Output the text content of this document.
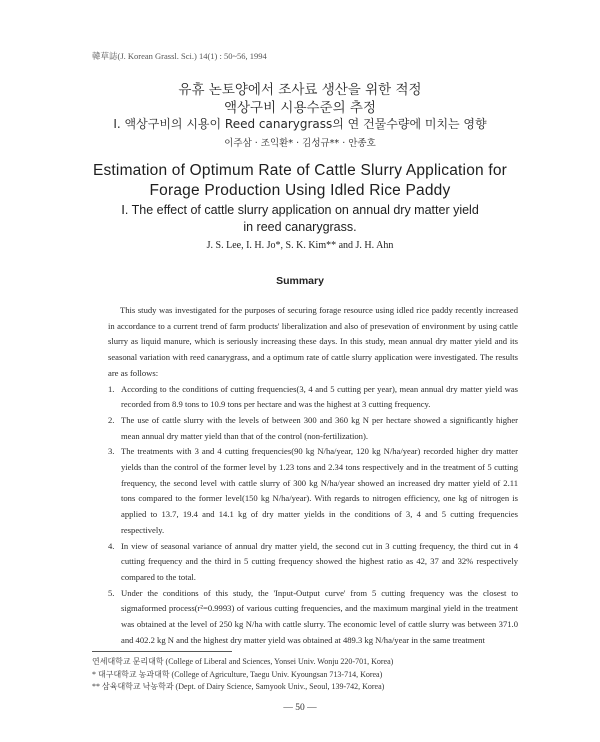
韓草誌(J. Korean Grassl. Sci.) 14(1) : 50~56, 1994
유휴 논토양에서 조사료 생산을 위한 적정
액상구비 시용수준의 추정
Ⅰ. 액상구비의 시용이 Reed canarygrass의 연 건물수량에 미치는 영향
이주삼 · 조익환* · 김성규** · 안종호
Estimation of Optimum Rate of Cattle Slurry Application for
Forage Production Using Idled Rice Paddy
Ⅰ. The effect of cattle slurry application on annual dry matter yield
in reed canarygrass.
J. S. Lee, I. H. Jo*, S. K. Kim** and J. H. Ahn
Summary

This study was investigated for the purposes of securing forage resource using idled rice paddy recently increased in accordance to a current trend of farm products' liberalization and also of presevation of environment by using cattle slurry as liquid manure, which is seriously increasing these days. In this study, mean annual dry matter yield and its seasonal variation with reed canarygrass, and a optimum rate of cattle slurry application were investigated. The results are as follows:

1. According to the conditions of cutting frequencies(3, 4 and 5 cutting per year), mean annual dry matter yield was recorded from 8.9 tons to 10.9 tons per hectare and was the highest at 3 cutting frequency.
2. The use of cattle slurry with the levels of between 300 and 360 kg N per hectare showed a significantly higher mean annual dry matter yield than that of the control (non-fertilization).
3. The treatments with 3 and 4 cutting frequencies(90 kg N/ha/year, 120 kg N/ha/year) recorded higher dry matter yields than the control of the former level by 1.23 tons and 2.34 tons respectively and in the treatment of 5 cutting frequency, the second level with cattle slurry of 300 kg N/ha/year showed an increased dry matter yield of 2.11 tons compared to the former level(150 kg N/ha/year). With regards to nitrogen efficiency, one kg of nitrogen is applied to 13.7, 19.4 and 14.1 kg of dry matter yields in the conditions of 3, 4 and 5 cutting frequencies respectively.
4. In view of seasonal variance of annual dry matter yield, the second cut in 3 cutting frequency, the third cut in 4 cutting frequency and the third in 5 cutting frequency showed the highest ratio as 42, 37 and 32% respectively compared to the total.
5. Under the conditions of this study, the 'Input-Output curve' from 5 cutting frequency was the closest to sigmaformed process(r²=0.9993) of various cutting frequencies, and the maximum marginal yield in the treatment was obtained at the level of 250 kg N/ha with cattle slurry. The economic level of cattle slurry was between 371.0 and 402.2 kg N and the highest dry matter yield was obtained at 489.3 kg N/ha/year in the same treatment
연세대학교 문리대학 (College of Liberal and Sciences, Yonsei Univ. Wonju 220-701, Korea)
* 대구대학교 농과대학 (College of Agriculture, Taegu Univ. Kyoungsan 713-714, Korea)
** 삼육대학교 낙농학과 (Dept. of Dairy Science, Samyook Univ., Seoul, 139-742, Korea)
— 50 —
